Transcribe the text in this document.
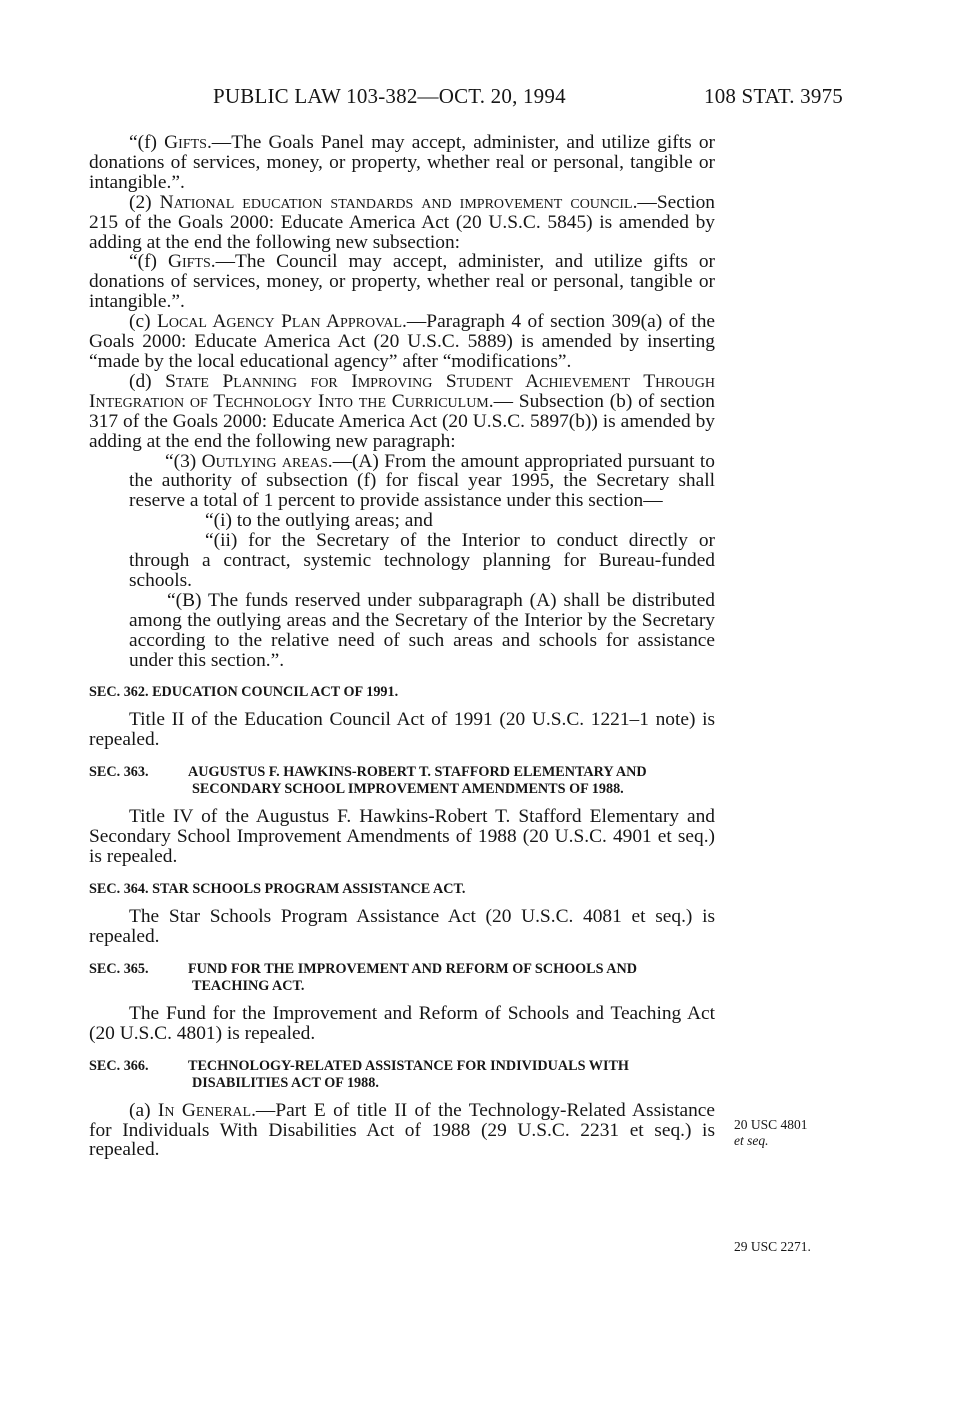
PUBLIC LAW 103-382—OCT. 20, 1994	108 STAT. 3975

“(f) Gifts.—The Goals Panel may accept, administer, and utilize gifts or donations of services, money, or property, whether real or personal, tangible or intangible.”.

(2) National education standards and improvement council.—Section 215 of the Goals 2000: Educate America Act (20 U.S.C. 5845) is amended by adding at the end the following new subsection:

“(f) Gifts.—The Council may accept, administer, and utilize gifts or donations of services, money, or property, whether real or personal, tangible or intangible.”.

(c) Local Agency Plan Approval.—Paragraph 4 of section 309(a) of the Goals 2000: Educate America Act (20 U.S.C. 5889) is amended by inserting “made by the local educational agency” after “modifications”.

(d) State Planning for Improving Student Achievement Through Integration of Technology Into the Curriculum.— Subsection (b) of section 317 of the Goals 2000: Educate America Act (20 U.S.C. 5897(b)) is amended by adding at the end the following new paragraph:

“(3) Outlying areas.—(A) From the amount appropriated pursuant to the authority of subsection (f) for fiscal year 1995, the Secretary shall reserve a total of 1 percent to provide assistance under this section—

“(i) to the outlying areas; and

“(ii) for the Secretary of the Interior to conduct directly or through a contract, systemic technology planning for Bureau-funded schools.

“(B) The funds reserved under subparagraph (A) shall be distributed among the outlying areas and the Secretary of the Interior by the Secretary according to the relative need of such areas and schools for assistance under this section.”.

SEC. 362. EDUCATION COUNCIL ACT OF 1991.

Title II of the Education Council Act of 1991 (20 U.S.C. 1221–1 note) is repealed.

SEC. 363.	AUGUSTUS F. HAWKINS-ROBERT T. STAFFORD ELEMENTARY AND SECONDARY SCHOOL IMPROVEMENT AMENDMENTS OF 1988.

Title IV of the Augustus F. Hawkins-Robert T. Stafford Elementary and Secondary School Improvement Amendments of 1988 (20 U.S.C. 4901 et seq.) is repealed.

SEC. 364. STAR SCHOOLS PROGRAM ASSISTANCE ACT.

The Star Schools Program Assistance Act (20 U.S.C. 4081 et seq.) is repealed.

SEC. 365.	FUND FOR THE IMPROVEMENT AND REFORM OF SCHOOLS AND TEACHING ACT.

The Fund for the Improvement and Reform of Schools and Teaching Act (20 U.S.C. 4801) is repealed.

SEC. 366.	TECHNOLOGY-RELATED ASSISTANCE FOR INDIVIDUALS WITH DISABILITIES ACT OF 1988.

(a) In General.—Part E of title II of the Technology-Related Assistance for Individuals With Disabilities Act of 1988 (29 U.S.C. 2231 et seq.) is repealed.

20 USC 4801
et seq.
29 USC 2271.
